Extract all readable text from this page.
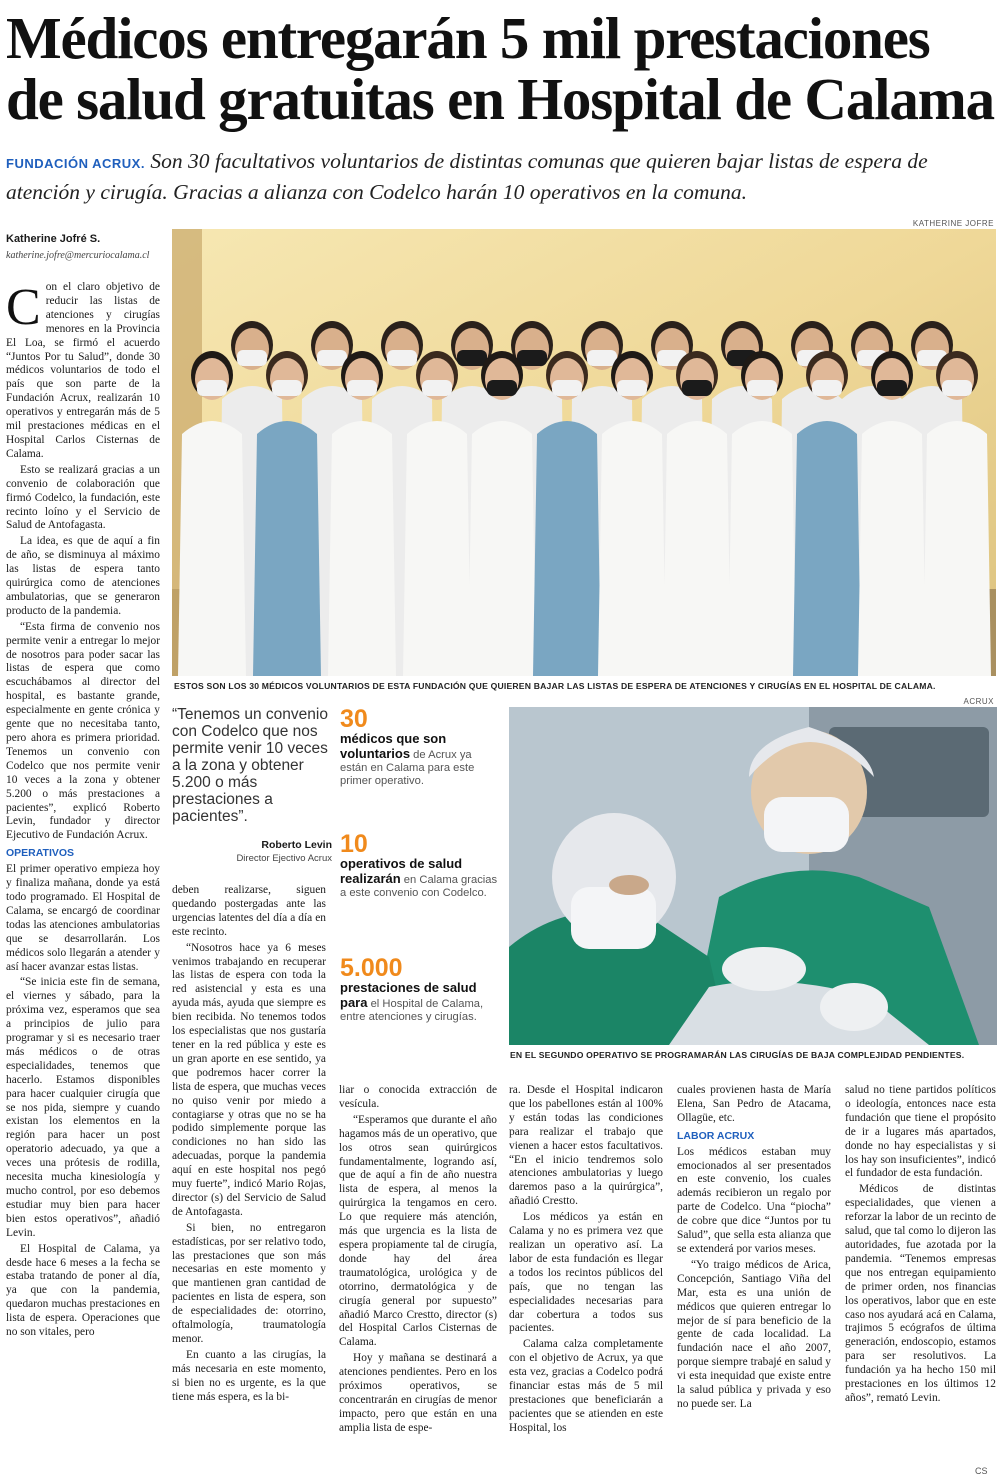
Médicos entregarán 5 mil prestaciones de salud gratuitas en Hospital de Calama
FUNDACIÓN ACRUX. Son 30 facultativos voluntarios de distintas comunas que quieren bajar listas de espera de atención y cirugía. Gracias a alianza con Codelco harán 10 operativos en la comuna.
Katherine Jofré S.
katherine.jofre@mercuriocalama.cl
KATHERINE JOFRE
ESTOS SON LOS 30 MÉDICOS VOLUNTARIOS DE ESTA FUNDACIÓN QUE QUIEREN BAJAR LAS LISTAS DE ESPERA DE ATENCIONES Y CIRUGÍAS EN EL HOSPITAL DE CALAMA.
ACRUX
EN EL SEGUNDO OPERATIVO SE PROGRAMARÁN LAS CIRUGÍAS DE BAJA COMPLEJIDAD PENDIENTES.
“Tenemos un convenio con Codelco que nos permite venir 10 veces a la zona y obtener 5.200 o más prestaciones a pacientes”.
Roberto Levin
Director Ejectivo Acrux
30
médicos que son voluntarios de Acrux ya están en Calama para este primer operativo.
10
operativos de salud realizarán en Calama gracias a este convenio con Codelco.
5.000
prestaciones de salud para el Hospital de Calama, entre atenciones y cirugías.

Con el claro objetivo de reducir las listas de atenciones y cirugías menores en la Provincia El Loa, se firmó el acuerdo “Juntos Por tu Salud”, donde 30 médicos voluntarios de todo el país que son parte de la Fundación Acrux, realizarán 10 operativos y entregarán más de 5 mil prestaciones médicas en el Hospital Carlos Cisternas de Calama.

Esto se realizará gracias a un convenio de colaboración que firmó Codelco, la fundación, este recinto loíno y el Servicio de Salud de Antofagasta.

La idea, es que de aquí a fin de año, se disminuya al máximo las listas de espera tanto quirúrgica como de atenciones ambulatorias, que se generaron producto de la pandemia.

“Esta firma de convenio nos permite venir a entregar lo mejor de nosotros para poder sacar las listas de espera que como escuchábamos al director del hospital, es bastante grande, especialmente en gente crónica y gente que no necesitaba tanto, pero ahora es primera prioridad. Tenemos un convenio con Codelco que nos permite venir 10 veces a la zona y obtener 5.200 o más prestaciones a pacientes”, explicó Roberto Levin, fundador y director Ejecutivo de Fundación Acrux.

OPERATIVOS

El primer operativo empieza hoy y finaliza mañana, donde ya está todo programado. El Hospital de Calama, se encargó de coordinar todas las atenciones ambulatorias que se desarrollarán. Los médicos solo llegarán a atender y así hacer avanzar estas listas.

“Se inicia este fin de semana, el viernes y sábado, para la próxima vez, esperamos que sea a principios de julio para programar y si es necesario traer más médicos o de otras especialidades, tenemos que hacerlo. Estamos disponibles para hacer cualquier cirugía que se nos pida, siempre y cuando existan los elementos en la región para hacer un post operatorio adecuado, ya que a veces una prótesis de rodilla, necesita mucha kinesiología y mucho control, por eso debemos estudiar muy bien para hacer bien estos operativos”, añadió Levin.

El Hospital de Calama, ya desde hace 6 meses a la fecha se estaba tratando de poner al día, ya que con la pandemia, quedaron muchas prestaciones en lista de espera. Operaciones que no son vitales, pero

deben realizarse, siguen quedando postergadas ante las urgencias latentes del día a día en este recinto.

“Nosotros hace ya 6 meses venimos trabajando en recuperar las listas de espera con toda la red asistencial y esta es una ayuda más, ayuda que siempre es bien recibida. No tenemos todos los especialistas que nos gustaría tener en la red pública y este es un gran aporte en ese sentido, ya que podremos hacer correr la lista de espera, que muchas veces no quiso venir por miedo a contagiarse y otras que no se ha podido simplemente porque las condiciones no han sido las adecuadas, porque la pandemia aquí en este hospital nos pegó muy fuerte”, indicó Mario Rojas, director (s) del Servicio de Salud de Antofagasta.

Si bien, no entregaron estadísticas, por ser relativo todo, las prestaciones que son más necesarias en este momento y que mantienen gran cantidad de pacientes en lista de espera, son de especialidades de: otorrino, oftalmología, traumatología menor.

En cuanto a las cirugías, la más necesaria en este momento, si bien no es urgente, es la que tiene más espera, es la bi-

liar o conocida extracción de vesícula.

“Esperamos que durante el año hagamos más de un operativo, que los otros sean quirúrgicos fundamentalmente, logrando así, que de aquí a fin de año nuestra lista de espera, al menos la quirúrgica la tengamos en cero. Lo que requiere más atención, más que urgencia es la lista de espera propiamente tal de cirugía, donde hay del área traumatológica, urológica y de otorrino, dermatológica y de cirugía general por supuesto” añadió Marco Crestto, director (s) del Hospital Carlos Cisternas de Calama.

Hoy y mañana se destinará a atenciones pendientes. Pero en los próximos operativos, se concentrarán en cirugías de menor impacto, pero que están en una amplia lista de espe-

ra. Desde el Hospital indicaron que los pabellones están al 100% y están todas las condiciones para realizar el trabajo que vienen a hacer estos facultativos. “En el inicio tendremos solo atenciones ambulatorias y luego daremos paso a la quirúrgica”, añadió Crestto.

Los médicos ya están en Calama y no es primera vez que realizan un operativo así. La labor de esta fundación es llegar a todos los recintos públicos del país, que no tengan las especialidades necesarias para dar cobertura a todos sus pacientes.

Calama calza completamente con el objetivo de Acrux, ya que esta vez, gracias a Codelco podrá financiar estas más de 5 mil prestaciones que beneficiarán a pacientes que se atienden en este Hospital, los

cuales provienen hasta de María Elena, San Pedro de Atacama, Ollagüe, etc.

LABOR ACRUX

Los médicos estaban muy emocionados al ser presentados en este convenio, los cuales además recibieron un regalo por parte de Codelco. Una “piocha” de cobre que dice “Juntos por tu Salud”, que sella esta alianza que se extenderá por varios meses.

“Yo traigo médicos de Arica, Concepción, Santiago Viña del Mar, esta es una unión de médicos que quieren entregar lo mejor de sí para beneficio de la gente de cada localidad. La fundación nace el año 2007, porque siempre trabajé en salud y vi esta inequidad que existe entre la salud pública y privada y eso no puede ser. La

salud no tiene partidos políticos o ideología, entonces nace esta fundación que tiene el propósito de ir a lugares más apartados, donde no hay especialistas y si los hay son insuficientes”, indicó el fundador de esta fundación.

Médicos de distintas especialidades, que vienen a reforzar la labor de un recinto de salud, que tal como lo dijeron las autoridades, fue azotada por la pandemia. “Tenemos empresas que nos entregan equipamiento de primer orden, nos financias los operativos, labor que en este caso nos ayudará acá en Calama, trajimos 5 ecógrafos de última generación, endoscopio, estamos para ser resolutivos. La fundación ya ha hecho 150 mil prestaciones en los últimos 12 años”, remató Levin.

CS
